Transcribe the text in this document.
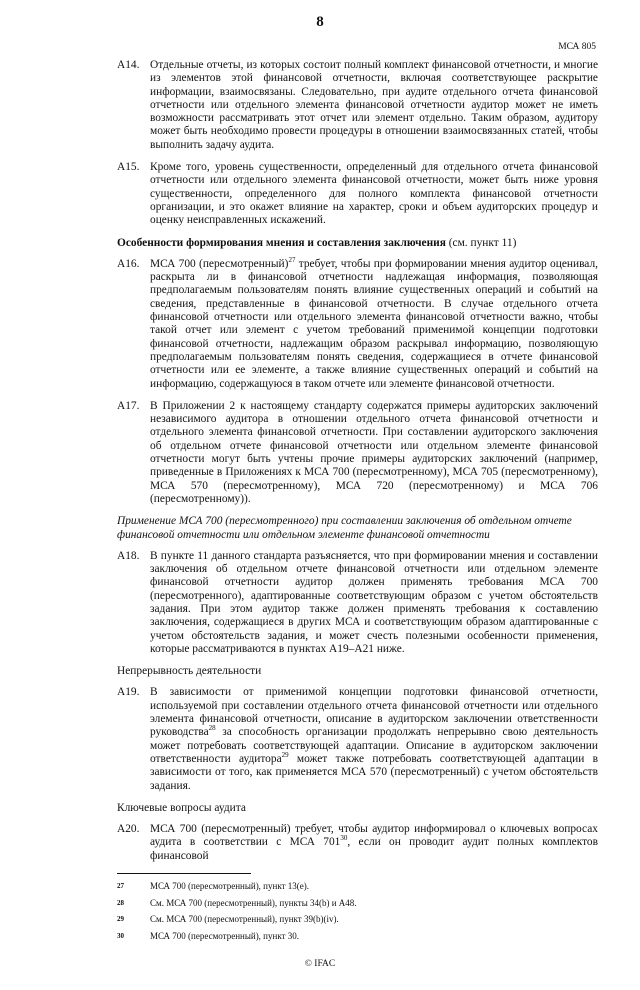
8
МСА 805
A14. Отдельные отчеты, из которых состоит полный комплект финансовой отчетности, и многие из элементов этой финансовой отчетности, включая соответствующее раскрытие информации, взаимосвязаны. Следовательно, при аудите отдельного отчета финансовой отчетности или отдельного элемента финансовой отчетности аудитор может не иметь возможности рассматривать этот отчет или элемент отдельно. Таким образом, аудитору может быть необходимо провести процедуры в отношении взаимосвязанных статей, чтобы выполнить задачу аудита.
A15. Кроме того, уровень существенности, определенный для отдельного отчета финансовой отчетности или отдельного элемента финансовой отчетности, может быть ниже уровня существенности, определенного для полного комплекта финансовой отчетности организации, и это окажет влияние на характер, сроки и объем аудиторских процедур и оценку неисправленных искажений.
Особенности формирования мнения и составления заключения (см. пункт 11)
A16. МСА 700 (пересмотренный)$^{27}$ требует, чтобы при формировании мнения аудитор оценивал, раскрыта ли в финансовой отчетности надлежащая информация, позволяющая предполагаемым пользователям понять влияние существенных операций и событий на сведения, представленные в финансовой отчетности. В случае отдельного отчета финансовой отчетности или отдельного элемента финансовой отчетности важно, чтобы такой отчет или элемент с учетом требований применимой концепции подготовки финансовой отчетности, надлежащим образом раскрывал информацию, позволяющую предполагаемым пользователям понять сведения, содержащиеся в отчете финансовой отчетности или ее элементе, а также влияние существенных операций и событий на информацию, содержащуюся в таком отчете или элементе финансовой отчетности.
A17. В Приложении 2 к настоящему стандарту содержатся примеры аудиторских заключений независимого аудитора в отношении отдельного отчета финансовой отчетности и отдельного элемента финансовой отчетности. При составлении аудиторского заключения об отдельном отчете финансовой отчетности или отдельном элементе финансовой отчетности могут быть учтены прочие примеры аудиторских заключений (например, приведенные в Приложениях к МСА 700 (пересмотренному), МСА 705 (пересмотренному), МСА 570 (пересмотренному), МСА 720 (пересмотренному) и МСА 706 (пересмотренному)).
Применение МСА 700 (пересмотренного) при составлении заключения об отдельном отчете финансовой отчетности или отдельном элементе финансовой отчетности
A18. В пункте 11 данного стандарта разъясняется, что при формировании мнения и составлении заключения об отдельном отчете финансовой отчетности или отдельном элементе финансовой отчетности аудитор должен применять требования МСА 700 (пересмотренного), адаптированные соответствующим образом с учетом обстоятельств задания. При этом аудитор также должен применять требования к составлению заключения, содержащиеся в других МСА и соответствующим образом адаптированные с учетом обстоятельств задания, и может счесть полезными особенности применения, которые рассматриваются в пунктах A19–A21 ниже.
Непрерывность деятельности
A19. В зависимости от применимой концепции подготовки финансовой отчетности, используемой при составлении отдельного отчета финансовой отчетности или отдельного элемента финансовой отчетности, описание в аудиторском заключении ответственности руководства$^{28}$ за способность организации продолжать непрерывно свою деятельность может потребовать соответствующей адаптации. Описание в аудиторском заключении ответственности аудитора$^{29}$ может также потребовать соответствующей адаптации в зависимости от того, как применяется МСА 570 (пересмотренный) с учетом обстоятельств задания.
Ключевые вопросы аудита
A20. МСА 700 (пересмотренный) требует, чтобы аудитор информировал о ключевых вопросах аудита в соответствии с МСА $701^{30}$, если он проводит аудит полных комплектов финансовой
27	МСА 700 (пересмотренный), пункт 13(e).
28	См. МСА 700 (пересмотренный), пункты 34(b) и A48.
29	См. МСА 700 (пересмотренный), пункт 39(b)(iv).
30	МСА 700 (пересмотренный), пункт 30.
© IFAC
